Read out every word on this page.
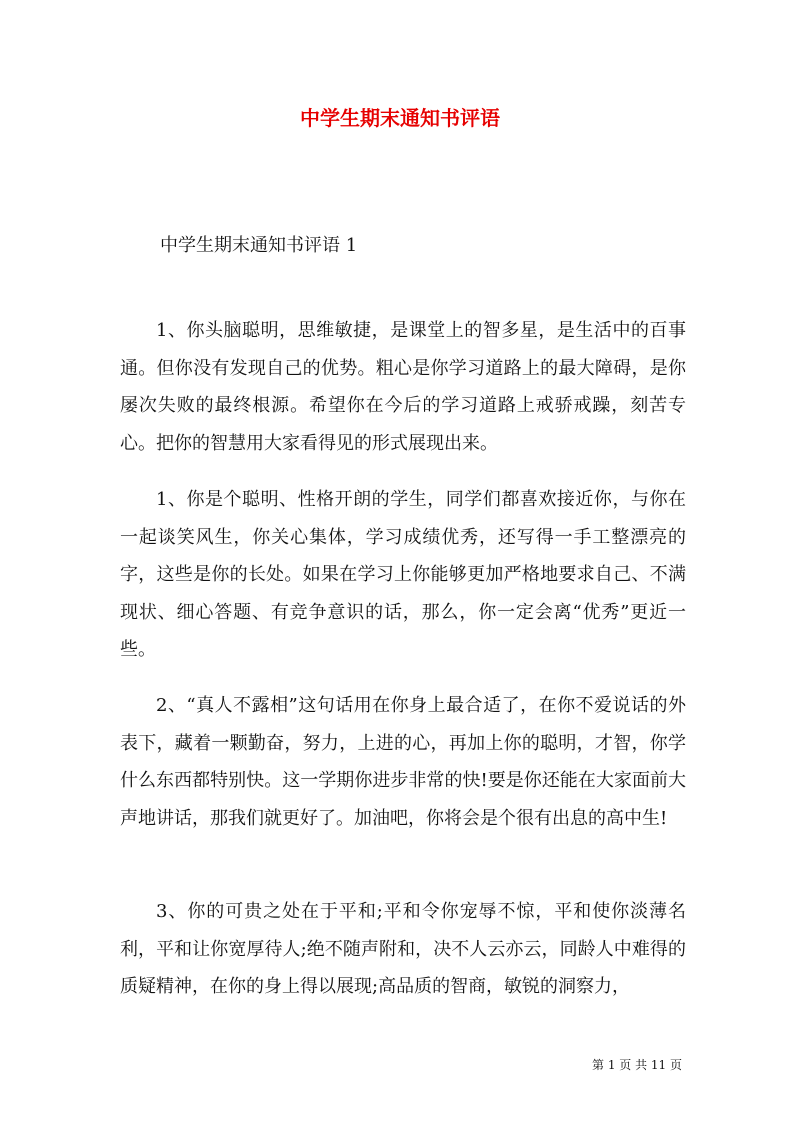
中学生期末通知书评语

中学生期末通知书评语 1

1、你头脑聪明，思维敏捷，是课堂上的智多星，是生活中的百事通。但你没有发现自己的优势。粗心是你学习道路上的最大障碍，是你屡次失败的最终根源。希望你在今后的学习道路上戒骄戒躁，刻苦专心。把你的智慧用大家看得见的形式展现出来。

1、你是个聪明、性格开朗的学生，同学们都喜欢接近你，与你在一起谈笑风生，你关心集体，学习成绩优秀，还写得一手工整漂亮的字，这些是你的长处。如果在学习上你能够更加严格地要求自己、不满现状、细心答题、有竞争意识的话，那么，你一定会离“优秀”更近一些。

2、“真人不露相”这句话用在你身上最合适了，在你不爱说话的外表下，藏着一颗勤奋，努力，上进的心，再加上你的聪明，才智，你学什么东西都特别快。这一学期你进步非常的快!要是你还能在大家面前大声地讲话，那我们就更好了。加油吧，你将会是个很有出息的高中生!

3、你的可贵之处在于平和;平和令你宠辱不惊，平和使你淡薄名利，平和让你宽厚待人;绝不随声附和，决不人云亦云，同龄人中难得的质疑精神，在你的身上得以展现;高品质的智商，敏锐的洞察力，

第 1 页 共 11 页
